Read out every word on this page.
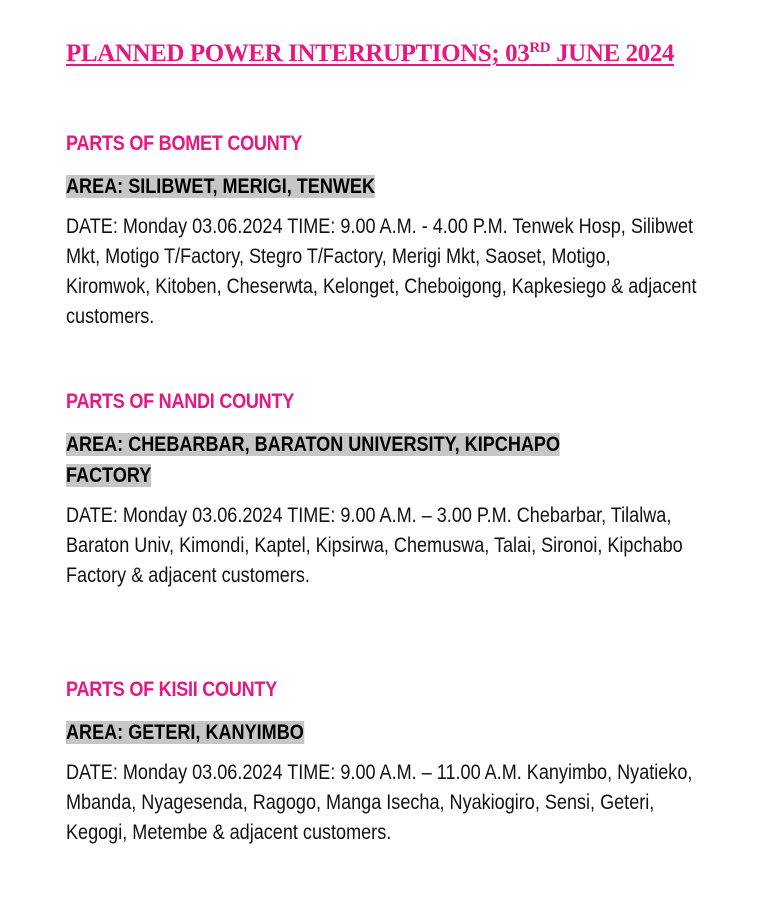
PLANNED POWER INTERRUPTIONS; 03RD JUNE 2024
PARTS OF BOMET COUNTY
AREA: SILIBWET, MERIGI, TENWEK

DATE: Monday 03.06.2024 TIME: 9.00 A.M. - 4.00 P.M. Tenwek Hosp, Silibwet Mkt, Motigo T/Factory, Stegro T/Factory, Merigi Mkt, Saoset, Motigo, Kiromwok, Kitoben, Cheserwta, Kelonget, Cheboigong, Kapkesiego & adjacent customers.

PARTS OF NANDI COUNTY
AREA: CHEBARBAR, BARATON UNIVERSITY, KIPCHAPO FACTORY

DATE: Monday 03.06.2024 TIME: 9.00 A.M. – 3.00 P.M. Chebarbar, Tilalwa, Baraton Univ, Kimondi, Kaptel, Kipsirwa, Chemuswa, Talai, Sironoi, Kipchabo Factory & adjacent customers.

PARTS OF KISII COUNTY
AREA: GETERI, KANYIMBO

DATE: Monday 03.06.2024 TIME: 9.00 A.M. – 11.00 A.M. Kanyimbo, Nyatieko, Mbanda, Nyagesenda, Ragogo, Manga Isecha, Nyakiogiro, Sensi, Geteri, Kegogi, Metembe & adjacent customers.
